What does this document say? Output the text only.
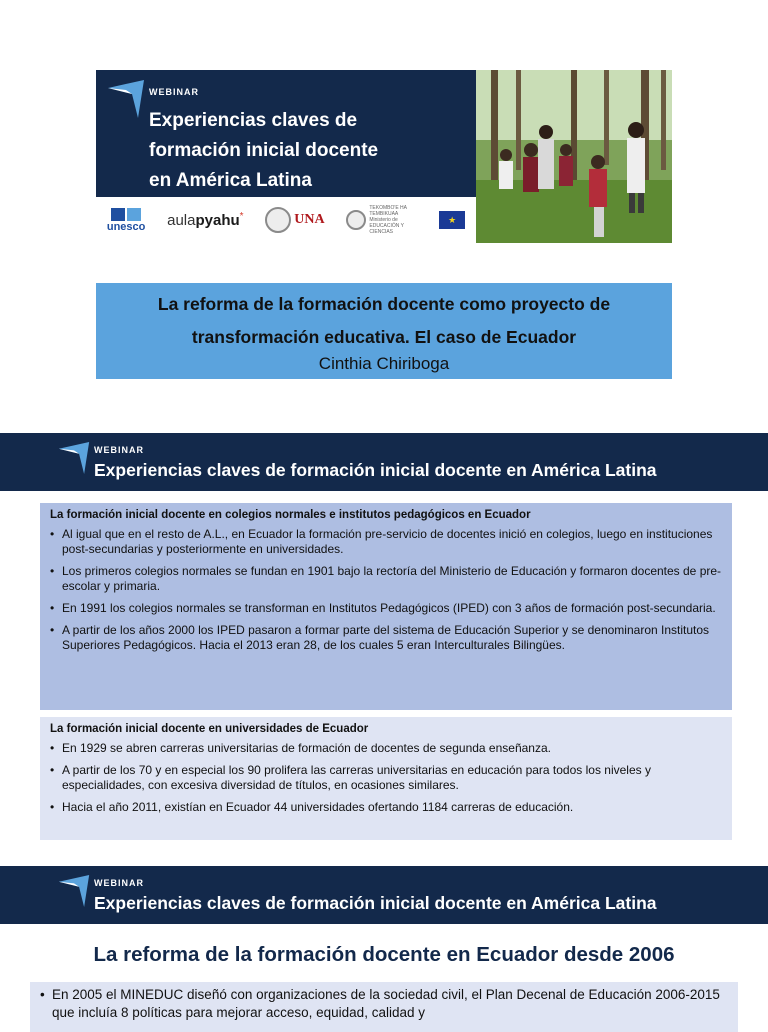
WEBINAR
Experiencias claves de
formación inicial docente
en América Latina
unesco aulapyahu*	UNA
TEKOMBO'E HA TEMBIKUAA Ministerio de EDUCACIÓN Y CIENCIAS
★
La reforma de la formación docente como proyecto de
transformación educativa. El caso de Ecuador
Cinthia Chiriboga
WEBINAR
Experiencias claves de formación inicial docente en América Latina
La formación inicial docente en colegios normales e institutos pedagógicos en Ecuador
• Al igual que en el resto de A.L., en Ecuador la formación pre-servicio de docentes inició en colegios, luego en instituciones post-secundarias y posteriormente en universidades.
• Los primeros colegios normales se fundan en 1901 bajo la rectoría del Ministerio de Educación y formaron docentes de pre-escolar y primaria.
• En 1991 los colegios normales se transforman en Institutos Pedagógicos (IPED) con 3 años de formación post-secundaria.
• A partir de los años 2000 los IPED pasaron a formar parte del sistema de Educación Superior y se denominaron Institutos Superiores Pedagógicos. Hacia el 2013 eran 28, de los cuales 5 eran Interculturales Bilingües.
La formación inicial docente en universidades de Ecuador
• En 1929 se abren carreras universitarias de formación de docentes de segunda enseñanza.
• A partir de los 70 y en especial los 90 prolifera las carreras universitarias en educación para todos los niveles y especialidades, con excesiva diversidad de títulos, en ocasiones similares.
• Hacia el año 2011, existían en Ecuador 44 universidades ofertando 1184 carreras de educación.
WEBINAR
Experiencias claves de formación inicial docente en América Latina
La reforma de la formación docente en Ecuador desde 2006
• En 2005 el MINEDUC diseñó con organizaciones de la sociedad civil, el Plan Decenal de Educación 2006-2015 que incluía 8 políticas para mejorar acceso, equidad, calidad y
